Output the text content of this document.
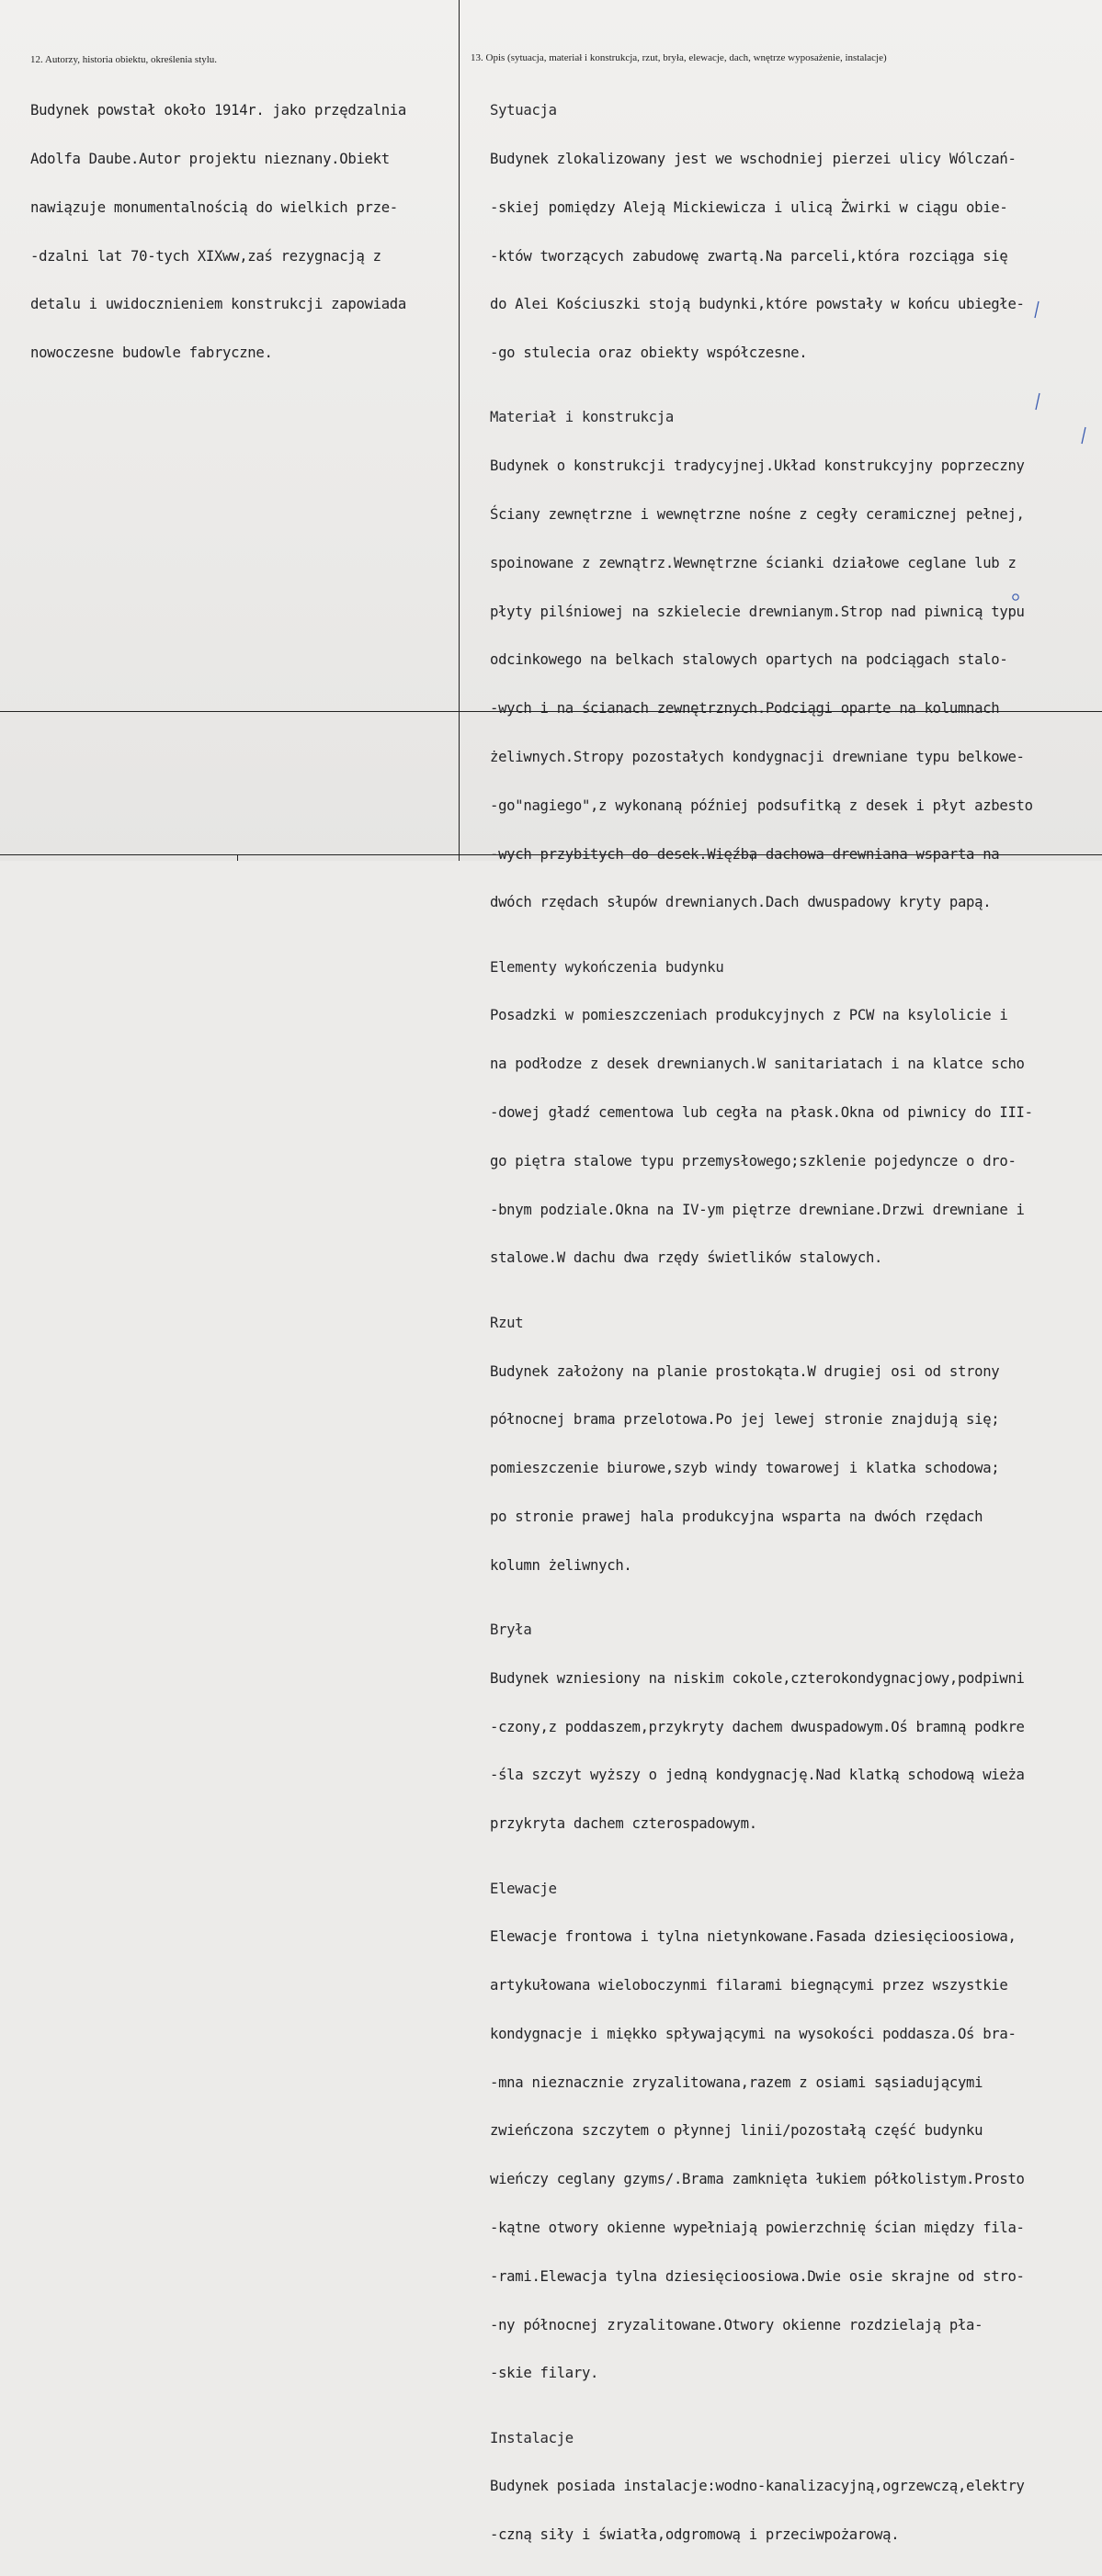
12. Autorzy, historia obiektu, określenia stylu.

Budynek powstał około 1914r. jako przędzalnia

Adolfa Daube.Autor projektu nieznany.Obiekt

nawiązuje monumentalnością do wielkich prze-

-dzalni lat 70-tych XIXww,zaś rezygnacją z

detalu i uwidocznieniem konstrukcji zapowiada

nowoczesne budowle fabryczne.

13. Opis (sytuacja, materiał i konstrukcja, rzut, bryła, elewacje, dach, wnętrze wyposażenie, instalacje)

Sytuacja

Budynek zlokalizowany jest we wschodniej pierzei ulicy Wólczań-

-skiej pomiędzy Aleją Mickiewicza i ulicą Żwirki w ciągu obie-

-któw tworzących zabudowę zwartą.Na parceli,która rozciąga się

do Alei Kościuszki stoją budynki,które powstały w końcu ubiegłe-

-go stulecia oraz obiekty współczesne.

Materiał i konstrukcja

Budynek o konstrukcji tradycyjnej.Układ konstrukcyjny poprzeczny

Ściany zewnętrzne i wewnętrzne nośne z cegły ceramicznej pełnej,

spoinowane z zewnątrz.Wewnętrzne ścianki działowe ceglane lub z

płyty pilśniowej na szkielecie drewnianym.Strop nad piwnicą typu

odcinkowego na belkach stalowych opartych na podciągach stalo-

-wych i na ścianach zewnętrznych.Podciągi oparte na kolumnach

żeliwnych.Stropy pozostałych kondygnacji drewniane typu belkowe-

-go"nagiego",z wykonaną później podsufitką z desek i płyt azbesto

-wych przybitych do desek.Więźba dachowa drewniana wsparta na

dwóch rzędach słupów drewnianych.Dach dwuspadowy kryty papą.

Elementy wykończenia budynku

Posadzki w pomieszczeniach produkcyjnych z PCW na ksylolicie i

na podłodze z desek drewnianych.W sanitariatach i na klatce scho

-dowej gładź cementowa lub cegła na płask.Okna od piwnicy do III-

go piętra stalowe typu przemysłowego;szklenie pojedyncze o dro-

-bnym podziale.Okna na IV-ym piętrze drewniane.Drzwi drewniane i

stalowe.W dachu dwa rzędy świetlików stalowych.

Rzut

Budynek założony na planie prostokąta.W drugiej osi od strony

północnej brama przelotowa.Po jej lewej stronie znajdują się;

pomieszczenie biurowe,szyb windy towarowej i klatka schodowa;

po stronie prawej hala produkcyjna wsparta na dwóch rzędach

kolumn żeliwnych.

Bryła

Budynek wzniesiony na niskim cokole,czterokondygnacjowy,podpiwni

-czony,z poddaszem,przykryty dachem dwuspadowym.Oś bramną podkre

-śla szczyt wyższy o jedną kondygnację.Nad klatką schodową wieża

przykryta dachem czterospadowym.

Elewacje

Elewacje frontowa i tylna nietynkowane.Fasada dziesięcioosiowa,

artykułowana wieloboczynmi filarami biegnącymi przez wszystkie

kondygnacje i miękko spływającymi na wysokości poddasza.Oś bra-

-mna nieznacznie zryzalitowana,razem z osiami sąsiadującymi

zwieńczona szczytem o płynnej linii/pozostałą część budynku

wieńczy ceglany gzyms/.Brama zamknięta łukiem półkolistym.Prosto

-kątne otwory okienne wypełniają powierzchnię ścian między fila-

-rami.Elewacja tylna dziesięcioosiowa.Dwie osie skrajne od stro-

-ny północnej zryzalitowane.Otwory okienne rozdzielają pła-

-skie filary.

Instalacje

Budynek posiada instalacje:wodno-kanalizacyjną,ogrzewczą,elektry

-czną siły i światła,odgromową i przeciwpożarową.
